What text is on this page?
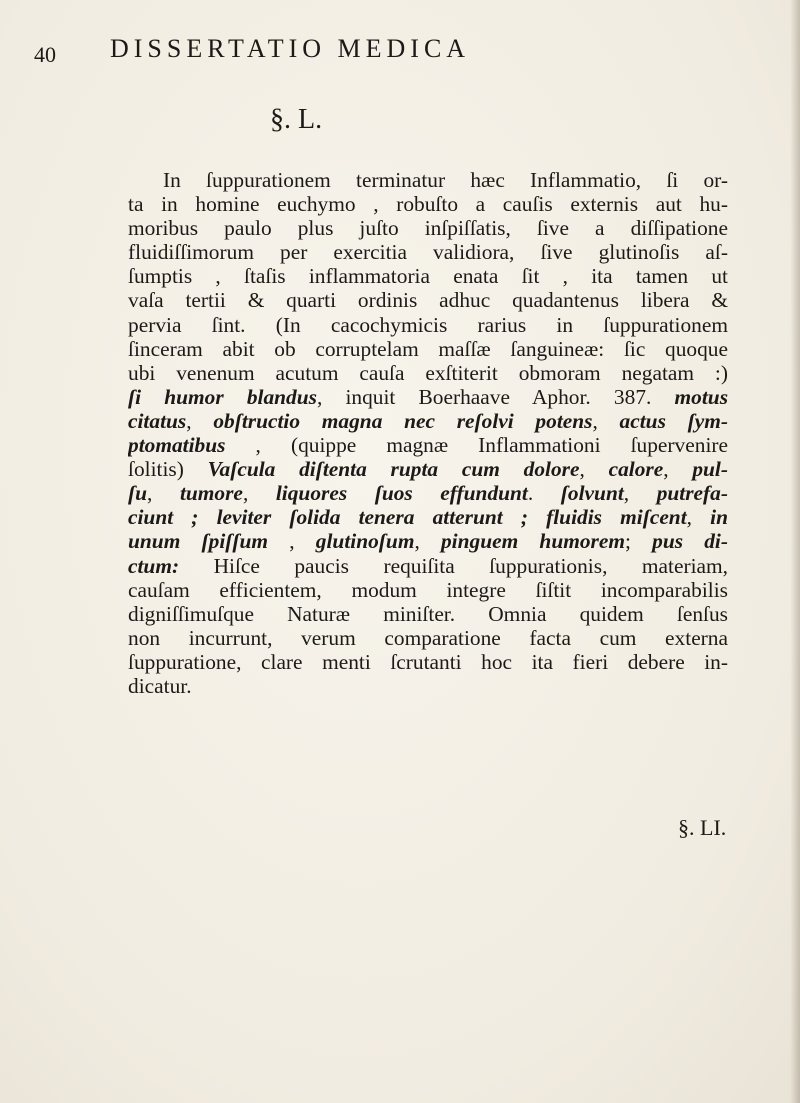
40 DISSERTATIO MEDICA
§. L.
In ſuppurationem terminatur hæc Inflammatio, ſi or-
ta in homine euchymo , robuſto a cauſis externis aut hu-
moribus paulo plus juſto inſpiſſatis, ſive a diſſipatione
fluidiſſimorum per exercitia validiora, ſive glutinoſis aſ-
ſumptis , ſtaſis inflammatoria enata ſit , ita tamen ut
vaſa tertii & quarti ordinis adhuc quadantenus libera &
pervia ſint. (In cacochymicis rarius in ſuppurationem
ſinceram abit ob corruptelam maſſæ ſanguineæ: ſic quoque
ubi venenum acutum cauſa exſtiterit obmoram negatam :)
ſi humor blandus, inquit Boerhaave Aphor. 387. motus
citatus, obſtructio magna nec reſolvi potens, actus ſym-
ptomatibus , (quippe magnæ Inflammationi ſupervenire
ſolitis) Vaſcula diſtenta rupta cum dolore, calore, pul-
ſu, tumore, liquores ſuos effundunt. ſolvunt, putrefa-
ciunt ; leviter ſolida tenera atterunt ; fluidis miſcent, in
unum ſpiſſum , glutinoſum, pinguem humorem; pus di-
ctum: Hiſce paucis requiſita ſuppurationis, materiam,
cauſam efficientem, modum integre ſiſtit incomparabilis
digniſſimuſque Naturæ miniſter. Omnia quidem ſenſus
non incurrunt, verum comparatione facta cum externa
ſuppuratione, clare menti ſcrutanti hoc ita fieri debere in-
dicatur.
§. LI.
